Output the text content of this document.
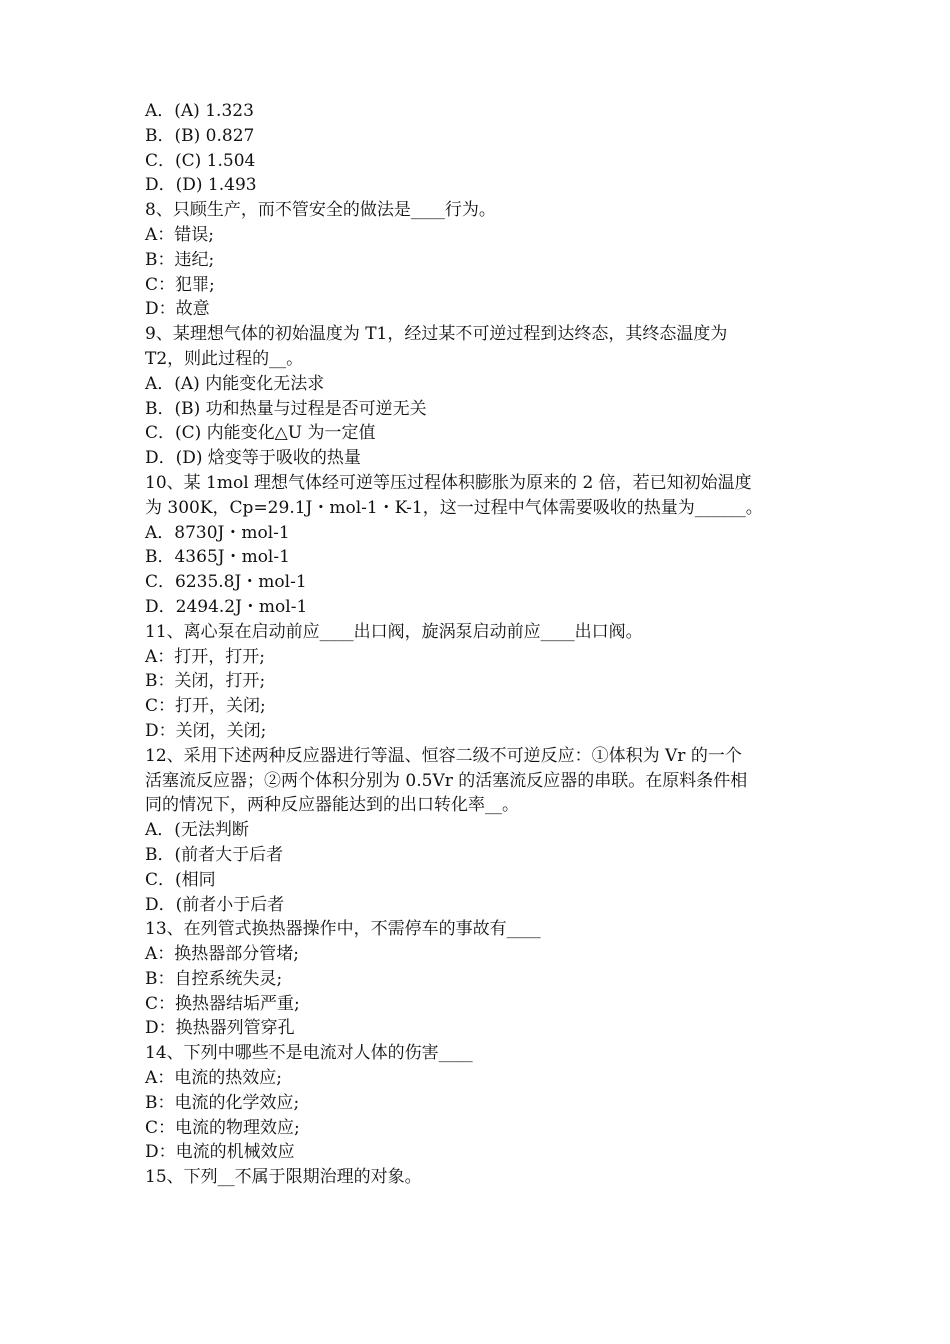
A．(A) 1.323
B．(B) 0.827
C．(C) 1.504
D．(D) 1.493
8、只顾生产，而不管安全的做法是____行为。
A：错误;
B：违纪;
C：犯罪;
D：故意
9、某理想气体的初始温度为 T1，经过某不可逆过程到达终态，其终态温度为
T2，则此过程的__。
A．(A) 内能变化无法求
B．(B) 功和热量与过程是否可逆无关
C．(C) 内能变化△U 为一定值
D．(D) 焓变等于吸收的热量
10、某 1mol 理想气体经可逆等压过程体积膨胀为原来的 2 倍，若已知初始温度
为 300K，Cp=29.1J・mol-1・K-1，这一过程中气体需要吸收的热量为______。
A．8730J・mol-1
B．4365J・mol-1
C．6235.8J・mol-1
D．2494.2J・mol-1
11、离心泵在启动前应____出口阀，旋涡泵启动前应____出口阀。
A：打开，打开;
B：关闭，打开;
C：打开，关闭;
D：关闭，关闭;
12、采用下述两种反应器进行等温、恒容二级不可逆反应：①体积为 Vr 的一个
活塞流反应器；②两个体积分别为 0.5Vr 的活塞流反应器的串联。在原料条件相
同的情况下，两种反应器能达到的出口转化率__。
A．(无法判断
B．(前者大于后者
C．(相同
D．(前者小于后者
13、在列管式换热器操作中，不需停车的事故有____
A：换热器部分管堵;
B：自控系统失灵;
C：换热器结垢严重;
D：换热器列管穿孔
14、下列中哪些不是电流对人体的伤害____
A：电流的热效应;
B：电流的化学效应;
C：电流的物理效应;
D：电流的机械效应
15、下列__不属于限期治理的对象。
